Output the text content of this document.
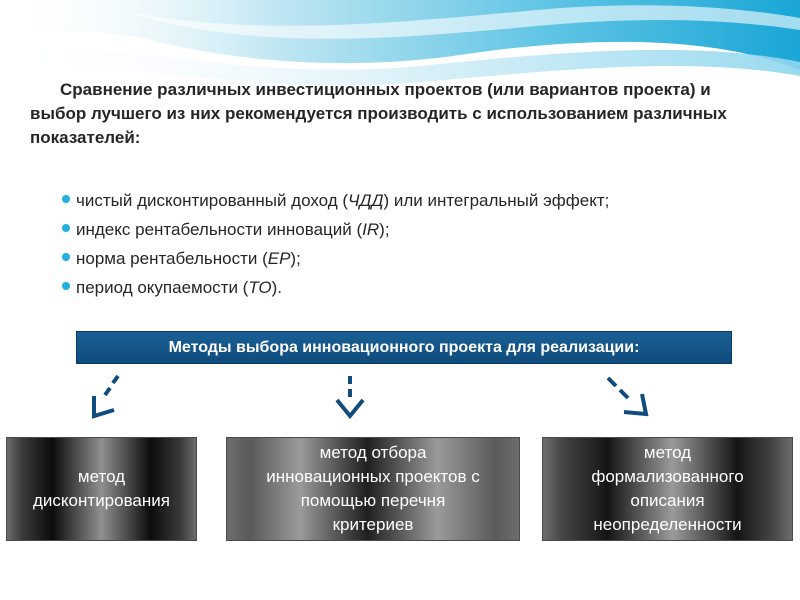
Сравнение различных инвестиционных проектов (или вариантов проекта) и выбор лучшего из них рекомендуется производить с использованием различных показателей:
чистый дисконтированный доход (ЧДД) или интегральный эффект;
индекс рентабельности инноваций (IR);
норма рентабельности (ЕР);
период окупаемости (ТО).
Методы выбора инновационного проекта для реализации:
метод
дисконтирования
метод отбора
инновационных проектов с
помощью перечня
критериев
метод
формализованного
описания
неопределенности
